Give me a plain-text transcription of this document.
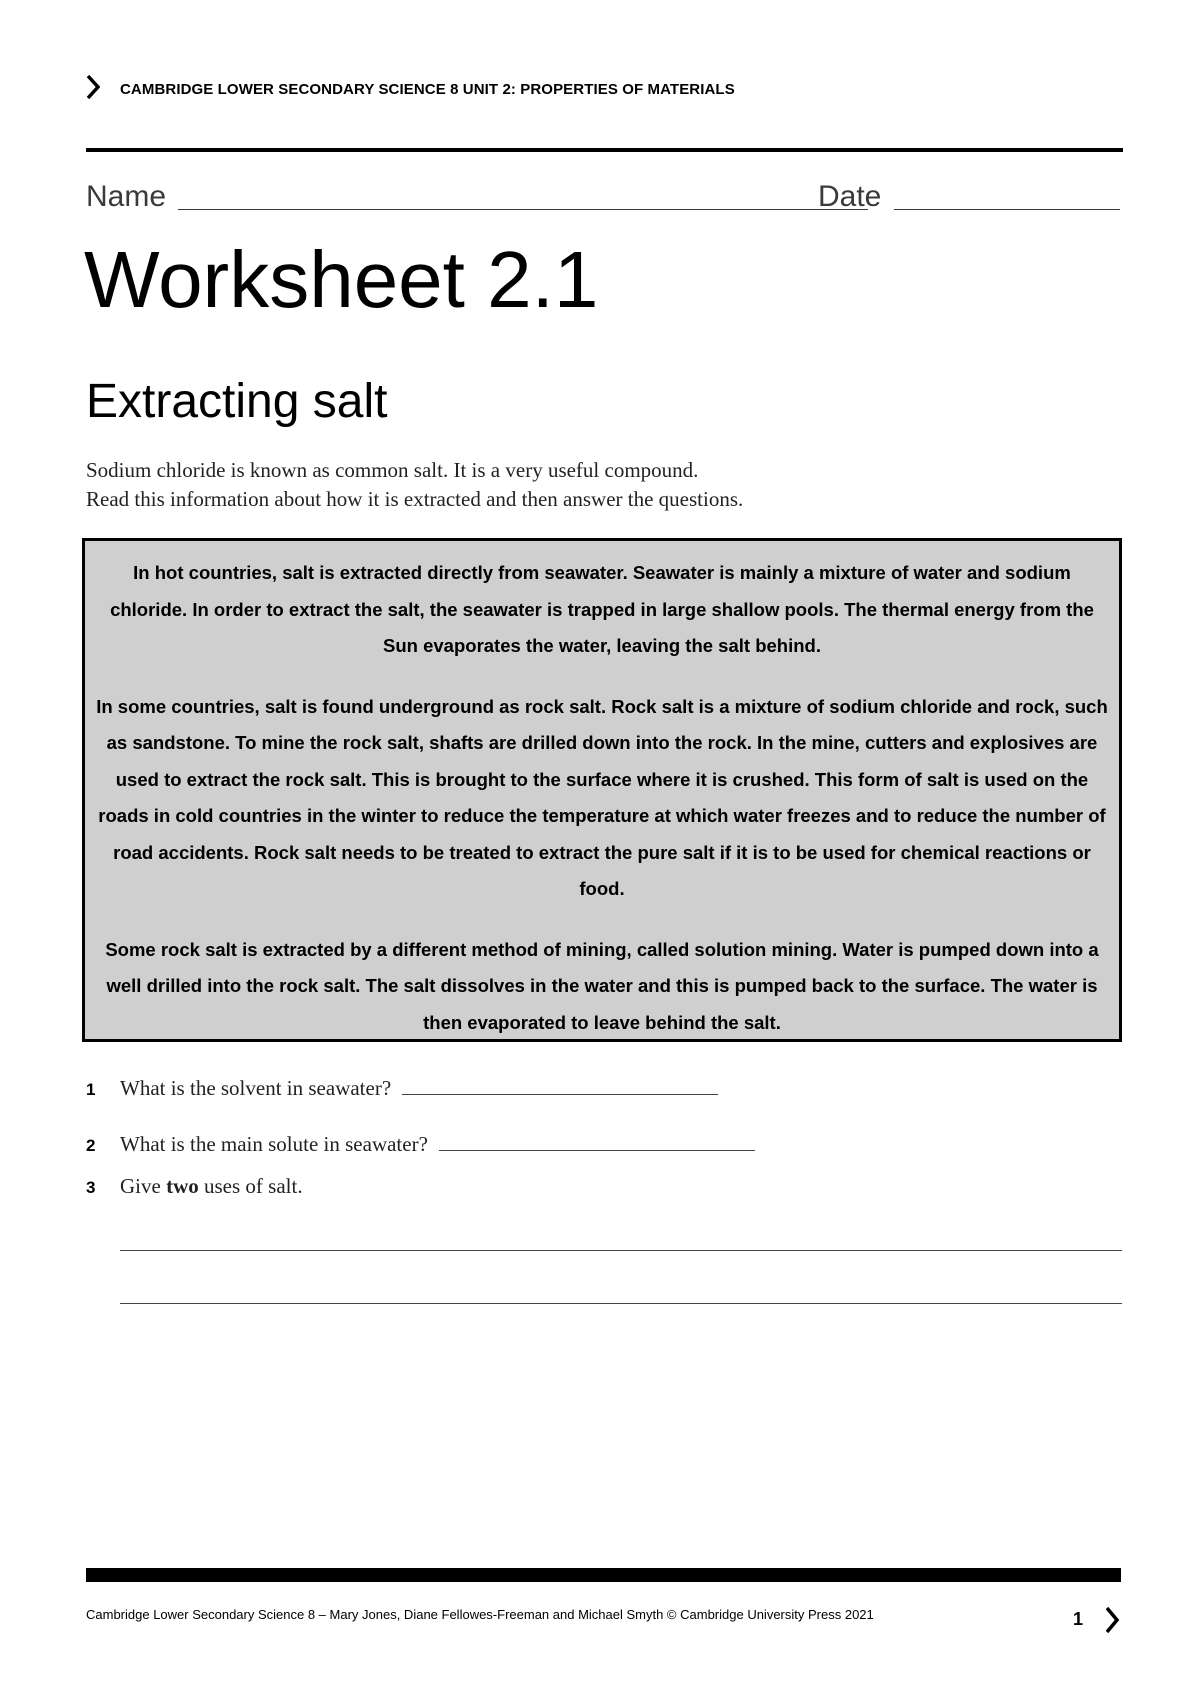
CAMBRIDGE LOWER SECONDARY SCIENCE 8 UNIT 2: PROPERTIES OF MATERIALS
Name	Date
Worksheet 2.1
Extracting salt
Sodium chloride is known as common salt. It is a very useful compound.
Read this information about how it is extracted and then answer the questions.

In hot countries, salt is extracted directly from seawater. Seawater is mainly a mixture of water and sodium chloride. In order to extract the salt, the seawater is trapped in large shallow pools. The thermal energy from the Sun evaporates the water, leaving the salt behind.

In some countries, salt is found underground as rock salt. Rock salt is a mixture of sodium chloride and rock, such as sandstone. To mine the rock salt, shafts are drilled down into the rock. In the mine, cutters and explosives are used to extract the rock salt. This is brought to the surface where it is crushed. This form of salt is used on the roads in cold countries in the winter to reduce the temperature at which water freezes and to reduce the number of road accidents. Rock salt needs to be treated to extract the pure salt if it is to be used for chemical reactions or food.

Some rock salt is extracted by a different method of mining, called solution mining. Water is pumped down into a well drilled into the rock salt. The salt dissolves in the water and this is pumped back to the surface. The water is then evaporated to leave behind the salt.

1 What is the solvent in seawater?
2 What is the main solute in seawater?
3 Give two uses of salt.
Cambridge Lower Secondary Science 8 – Mary Jones, Diane Fellowes-Freeman and Michael Smyth © Cambridge University Press 2021	1
